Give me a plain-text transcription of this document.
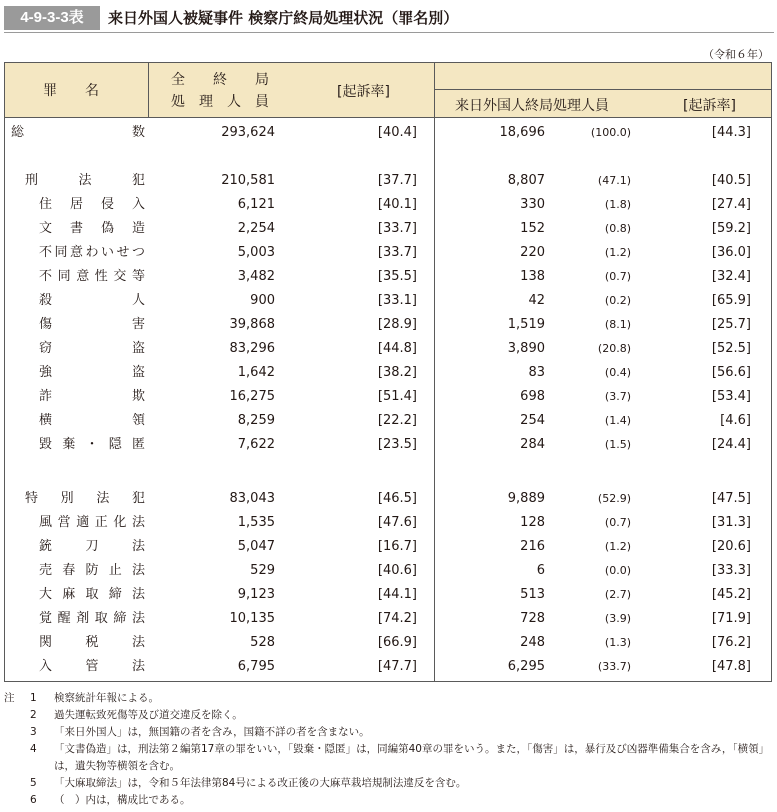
4-9-3-3表	来日外国人被疑事件 検察庁終局処理状況（罪名別）
（令和６年）
罪　　名
全　　終　　局
処　理　人　員
[起訴率]
来日外国人終局処理人員	[起訴率]
総　　数	293,624	[40.4]	18,696	(100.0)	[44.3]
刑　法　犯	210,581	[37.7]	8,807	(47.1)	[40.5]
住居侵入	6,121	[40.1]	330	(1.8)	[27.4]
文書偽造	2,254	[33.7]	152	(0.8)	[59.2]
不同意わいせつ	5,003	[33.7]	220	(1.2)	[36.0]
不同意性交等	3,482	[35.5]	138	(0.7)	[32.4]
殺　人	900	[33.1]	42	(0.2)	[65.9]
傷　害	39,868	[28.9]	1,519	(8.1)	[25.7]
窃　盗	83,296	[44.8]	3,890	(20.8)	[52.5]
強　盗	1,642	[38.2]	83	(0.4)	[56.6]
詐　欺	16,275	[51.4]	698	(3.7)	[53.4]
横　領	8,259	[22.2]	254	(1.4)	[4.6]
毀棄・隠匿	7,622	[23.5]	284	(1.5)	[24.4]
特　別　法　犯	83,043	[46.5]	9,889	(52.9)	[47.5]
風営適正化法	1,535	[47.6]	128	(0.7)	[31.3]
銃　刀　法	5,047	[16.7]	216	(1.2)	[20.6]
売春防止法	529	[40.6]	6	(0.0)	[33.3]
大麻取締法	9,123	[44.1]	513	(2.7)	[45.2]
覚醒剤取締法	10,135	[74.2]	728	(3.9)	[71.9]
関　税　法	528	[66.9]	248	(1.3)	[76.2]
入　管　法	6,795	[47.7]	6,295	(33.7)	[47.8]
注 1 検察統計年報による。
2 過失運転致死傷等及び道交違反を除く。
3 「来日外国人」は，無国籍の者を含み，国籍不詳の者を含まない。
4 「文書偽造」は，刑法第２編第17章の罪をいい，「毀棄・隠匿」は，同編第40章の罪をいう。また，「傷害」は，暴行及び凶器準備集合を含み，「横領」は，遺失物等横領を含む。
5 「大麻取締法」は，令和５年法律第84号による改正後の大麻草栽培規制法違反を含む。
6 （　）内は，構成比である。
